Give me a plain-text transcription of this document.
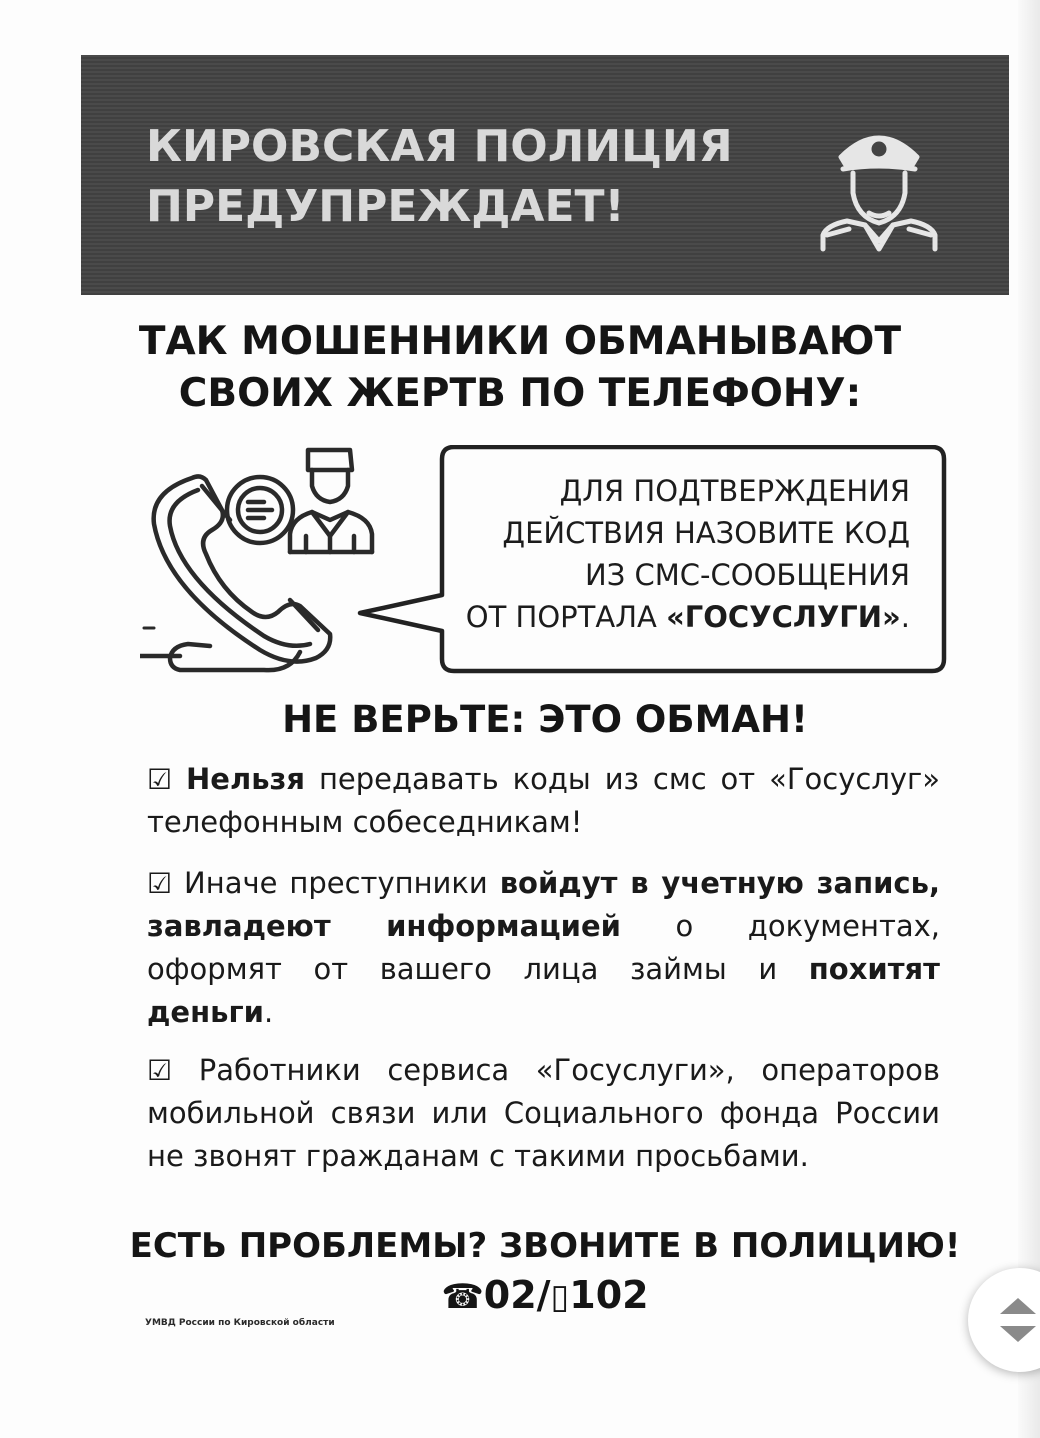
КИРОВСКАЯ ПОЛИЦИЯ
ПРЕДУПРЕЖДАЕТ!
ТАК МОШЕННИКИ ОБМАНЫВАЮТ
СВОИХ ЖЕРТВ ПО ТЕЛЕФОНУ:

ДЛЯ ПОДТВЕРЖДЕНИЯ
ДЕЙСТВИЯ НАЗОВИТЕ КОД
ИЗ СМС-СООБЩЕНИЯ
ОТ ПОРТАЛА «ГОСУСЛУГИ».

НЕ ВЕРЬТЕ: ЭТО ОБМАН!

☑ Нельзя передавать коды из смс от «Госуслуг» телефонным собеседникам!

☑ Иначе преступники войдут в учетную запись, завладеют информацией о документах, оформят от вашего лица займы и похитят деньги.

☑ Работники сервиса «Госуслуги», операторов мобильной связи или Социального фонда России не звонят гражданам с такими просьбами.

ЕСТЬ ПРОБЛЕМЫ? ЗВОНИТЕ В ПОЛИЦИЮ!

☎02/▯102

УМВД России по Кировской области
